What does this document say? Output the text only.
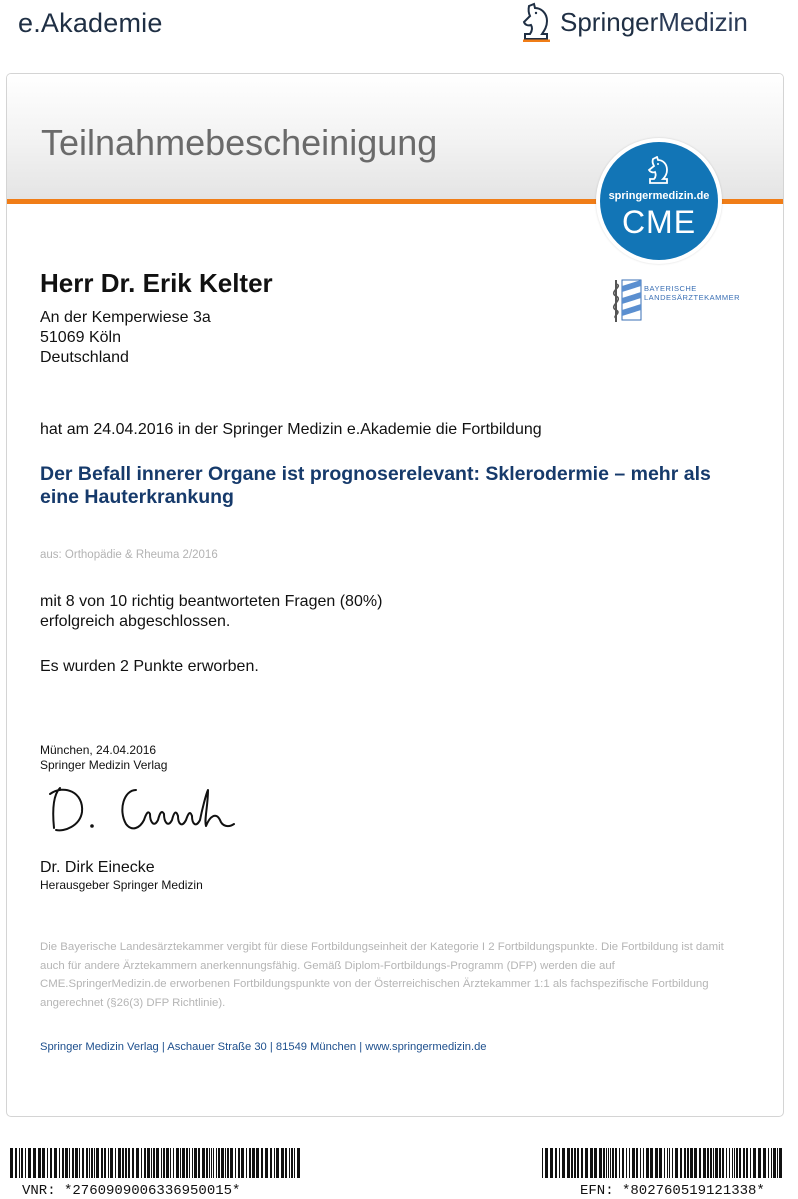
e.Akademie	SpringerMedizin
Teilnahmebescheinigung
springermedizin.de
CME
BAYERISCHE
LANDESÄRZTEKAMMER
Herr Dr. Erik Kelter
An der Kemperwiese 3a
51069 Köln
Deutschland
hat am 24.04.2016 in der Springer Medizin e.Akademie die Fortbildung
Der Befall innerer Organe ist prognoserelevant: Sklerodermie – mehr als eine Hauterkrankung
aus: Orthopädie & Rheuma 2/2016
mit 8 von 10 richtig beantworteten Fragen (80%)
erfolgreich abgeschlossen.
Es wurden 2 Punkte erworben.
München, 24.04.2016
Springer Medizin Verlag
Dr. Dirk Einecke
Herausgeber Springer Medizin
Die Bayerische Landesärztekammer vergibt für diese Fortbildungseinheit der Kategorie I 2 Fortbildungspunkte. Die Fortbildung ist damit auch für andere Ärztekammern anerkennungsfähig. Gemäß Diplom-Fortbildungs-Programm (DFP) werden die auf CME.SpringerMedizin.de erworbenen Fortbildungspunkte von der Österreichischen Ärztekammer 1:1 als fachspezifische Fortbildung angerechnet (§26(3) DFP Richtlinie).
Springer Medizin Verlag | Aschauer Straße 30 | 81549 München | www.springermedizin.de
VNR: *2760909006336950015*	EFN: *802760519121338*
